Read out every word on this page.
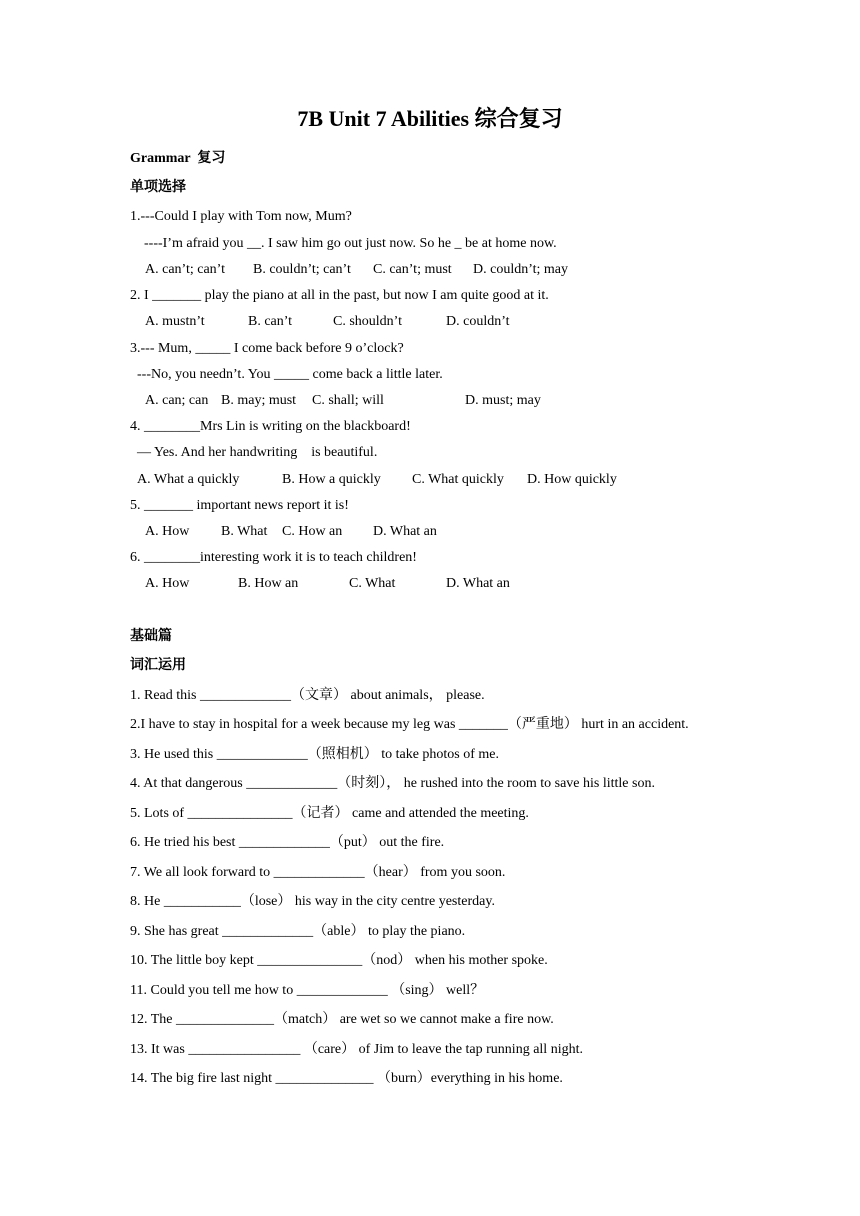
7B Unit 7 Abilities 综合复习
Grammar  复习
单项选择
1.---Could I play with Tom now, Mum?
----I’m afraid you __. I saw him go out just now. So he _ be at home now.
A. can’t; can’t B. couldn’t; can’t C. can’t; must D. couldn’t; may
2. I _______ play the piano at all in the past, but now I am quite good at it.
A. mustn’t	B. can’t	C. shouldn’t	D. couldn’t
3.--- Mum, _____ I come back before 9 o’clock?
---No, you needn’t. You _____ come back a little later.
A. can; can B. may; must C. shall; will	D. must; may
4. ________Mrs Lin is writing on the blackboard!
— Yes. And her handwriting    is beautiful.
A. What a quickly	B. How a quickly C. What quickly D. How quickly
5. _______ important news report it is!
A. How B. What C. How an D. What an
6. ________interesting work it is to teach children!
A. How	B. How an	C. What	D. What an
基础篇
词汇运用
1. Read this _____________（文章） about animals， please.
2.I have to stay in hospital for a week because my leg was _______（严重地） hurt in an accident.
3. He used this _____________（照相机） to take photos of me.
4. At that dangerous _____________（时刻）， he rushed into the room to save his little son.
5. Lots of _______________（记者） came and attended the meeting.
6. He tried his best _____________（put） out the fire.
7. We all look forward to _____________（hear） from you soon.
8. He ___________（lose） his way in the city centre yesterday.
9. She has great _____________（able） to play the piano.
10. The little boy kept _______________（nod） when his mother spoke.
11. Could you tell me how to _____________ （sing） well？
12. The ______________（match） are wet so we cannot make a fire now.
13. It was ________________ （care） of Jim to leave the tap running all night.
14. The big fire last night ______________ （burn）everything in his home.
